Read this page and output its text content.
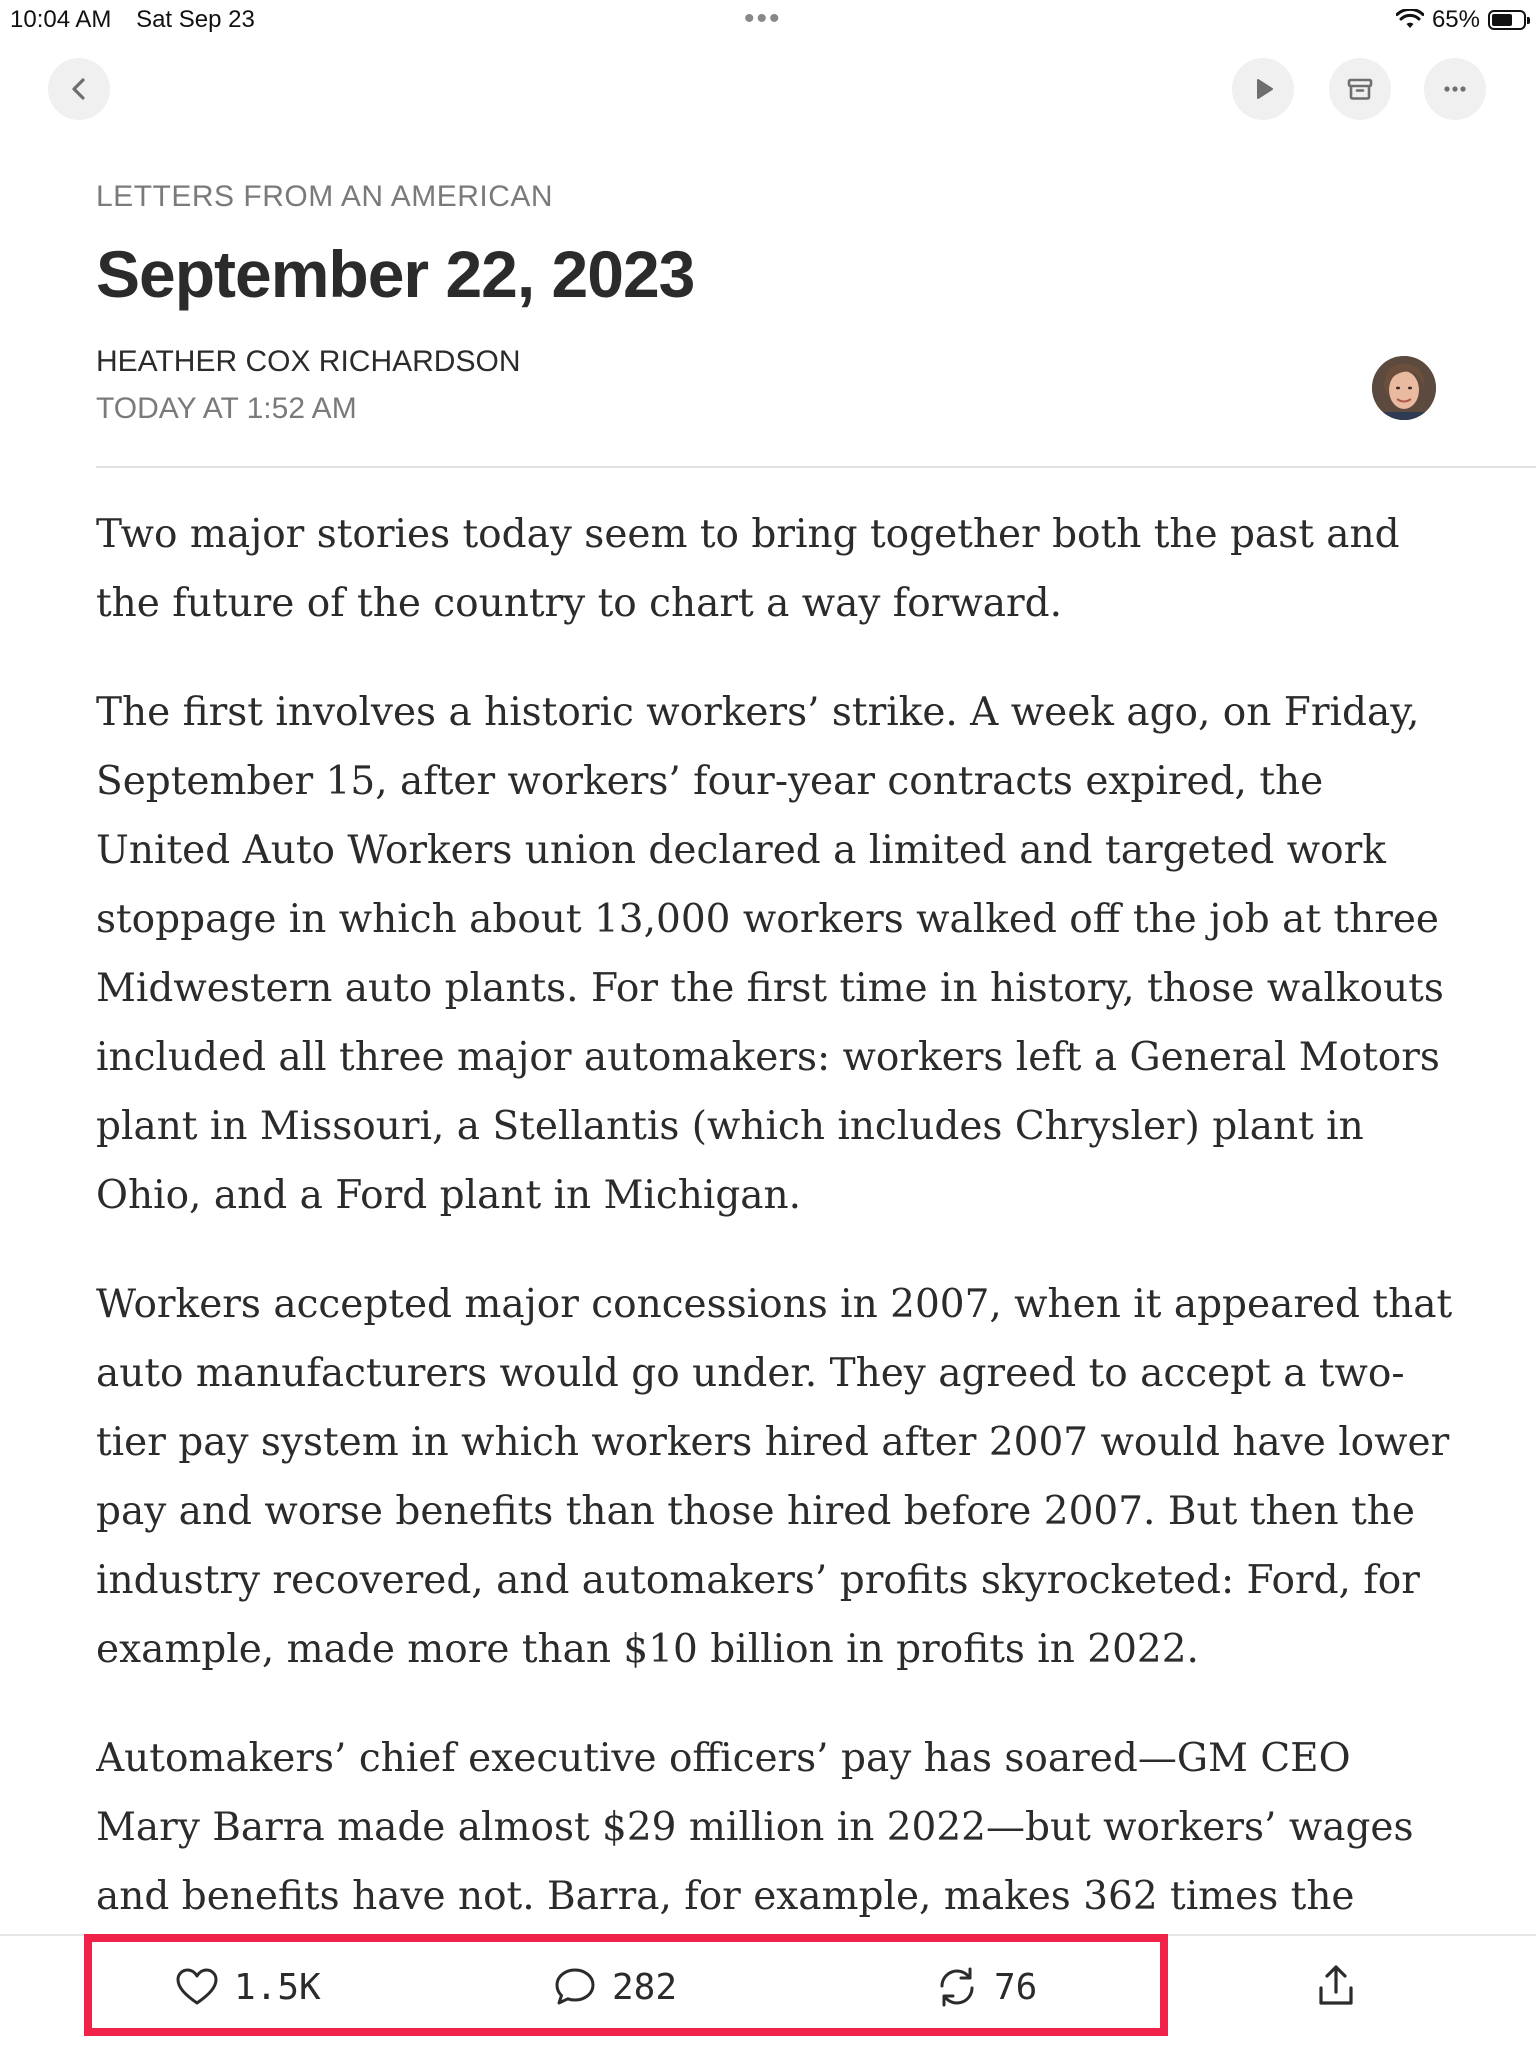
10:04 AM Sat Sep 23	•••	65%
LETTERS FROM AN AMERICAN
September 22, 2023
HEATHER COX RICHARDSON
TODAY AT 1:52 AM

Two major stories today seem to bring together both the past and the future of the country to chart a way forward.

The first involves a historic workers’ strike. A week ago, on Friday, September 15, after workers’ four-year contracts expired, the United Auto Workers union declared a limited and targeted work stoppage in which about 13,000 workers walked off the job at three Midwestern auto plants. For the first time in history, those walkouts included all three major automakers: workers left a General Motors plant in Missouri, a Stellantis (which includes Chrysler) plant in Ohio, and a Ford plant in Michigan.

Workers accepted major concessions in 2007, when it appeared that auto manufacturers would go under. They agreed to accept a two-tier pay system in which workers hired after 2007 would have lower pay and worse benefits than those hired before 2007. But then the industry recovered, and automakers’ profits skyrocketed: Ford, for example, made more than $10 billion in profits in 2022.

Automakers’ chief executive officers’ pay has soared—GM CEO Mary Barra made almost $29 million in 2022—but workers’ wages and benefits have not. Barra, for example, makes 362 times the

1.5K	282	76
